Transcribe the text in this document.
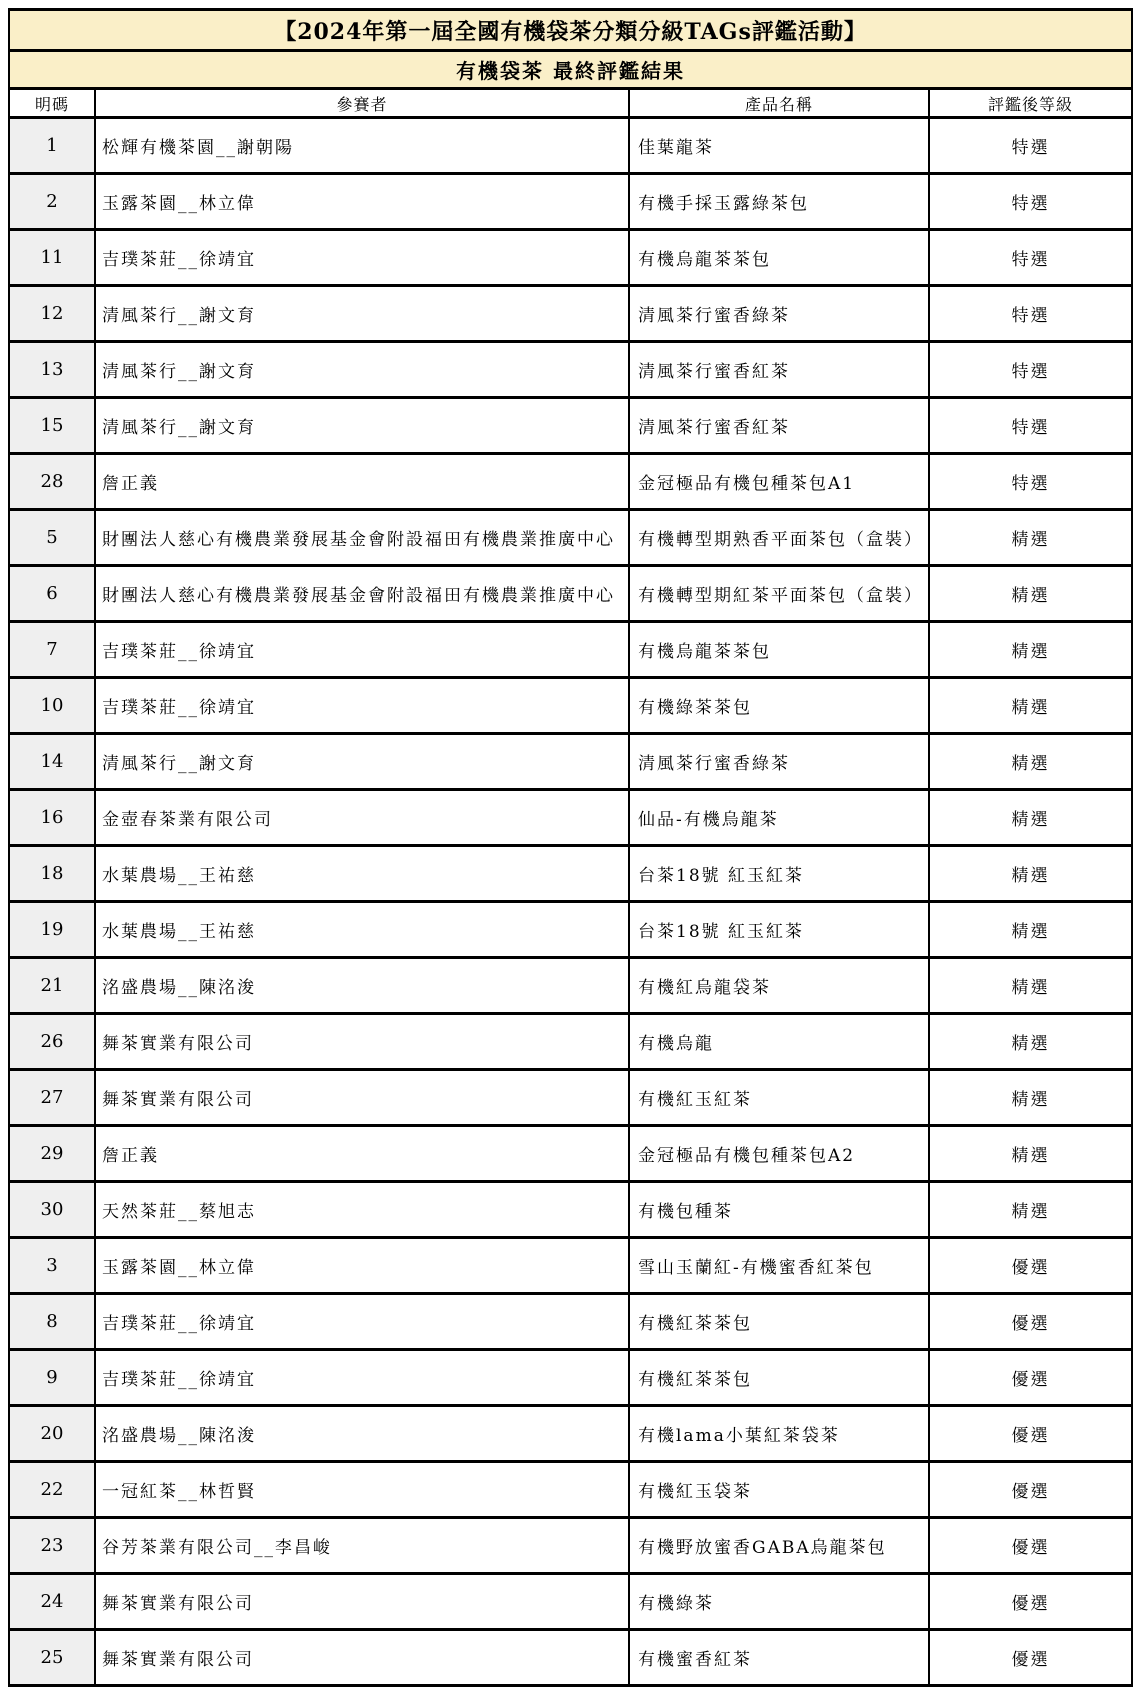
【2024年第一屆全國有機袋茶分類分級TAGs評鑑活動】			
有機袋茶 最終評鑑結果			
明碼	參賽者	產品名稱	評鑑後等級
1	松輝有機茶園__謝朝陽	佳葉龍茶	特選
2	玉露茶園__林立偉	有機手採玉露綠茶包	特選
11	吉璞茶莊__徐靖宜	有機烏龍茶茶包	特選
12	清風茶行__謝文育	清風茶行蜜香綠茶	特選
13	清風茶行__謝文育	清風茶行蜜香紅茶	特選
15	清風茶行__謝文育	清風茶行蜜香紅茶	特選
28	詹正義	金冠極品有機包種茶包A1	特選
5	財團法人慈心有機農業發展基金會附設福田有機農業推廣中心	有機轉型期熟香平面茶包（盒裝）	精選
6	財團法人慈心有機農業發展基金會附設福田有機農業推廣中心	有機轉型期紅茶平面茶包（盒裝）	精選
7	吉璞茶莊__徐靖宜	有機烏龍茶茶包	精選
10	吉璞茶莊__徐靖宜	有機綠茶茶包	精選
14	清風茶行__謝文育	清風茶行蜜香綠茶	精選
16	金壺春茶業有限公司	仙品-有機烏龍茶	精選
18	水葉農場__王祐慈	台茶18號 紅玉紅茶	精選
19	水葉農場__王祐慈	台茶18號 紅玉紅茶	精選
21	洺盛農場__陳洺浚	有機紅烏龍袋茶	精選
26	舞茶實業有限公司	有機烏龍	精選
27	舞茶實業有限公司	有機紅玉紅茶	精選
29	詹正義	金冠極品有機包種茶包A2	精選
30	天然茶莊__蔡旭志	有機包種茶	精選
3	玉露茶園__林立偉	雪山玉蘭紅-有機蜜香紅茶包	優選
8	吉璞茶莊__徐靖宜	有機紅茶茶包	優選
9	吉璞茶莊__徐靖宜	有機紅茶茶包	優選
20	洺盛農場__陳洺浚	有機lama小葉紅茶袋茶	優選
22	一冠紅茶__林哲賢	有機紅玉袋茶	優選
23	谷芳茶業有限公司__李昌峻	有機野放蜜香GABA烏龍茶包	優選
24	舞茶實業有限公司	有機綠茶	優選
25	舞茶實業有限公司	有機蜜香紅茶	優選
